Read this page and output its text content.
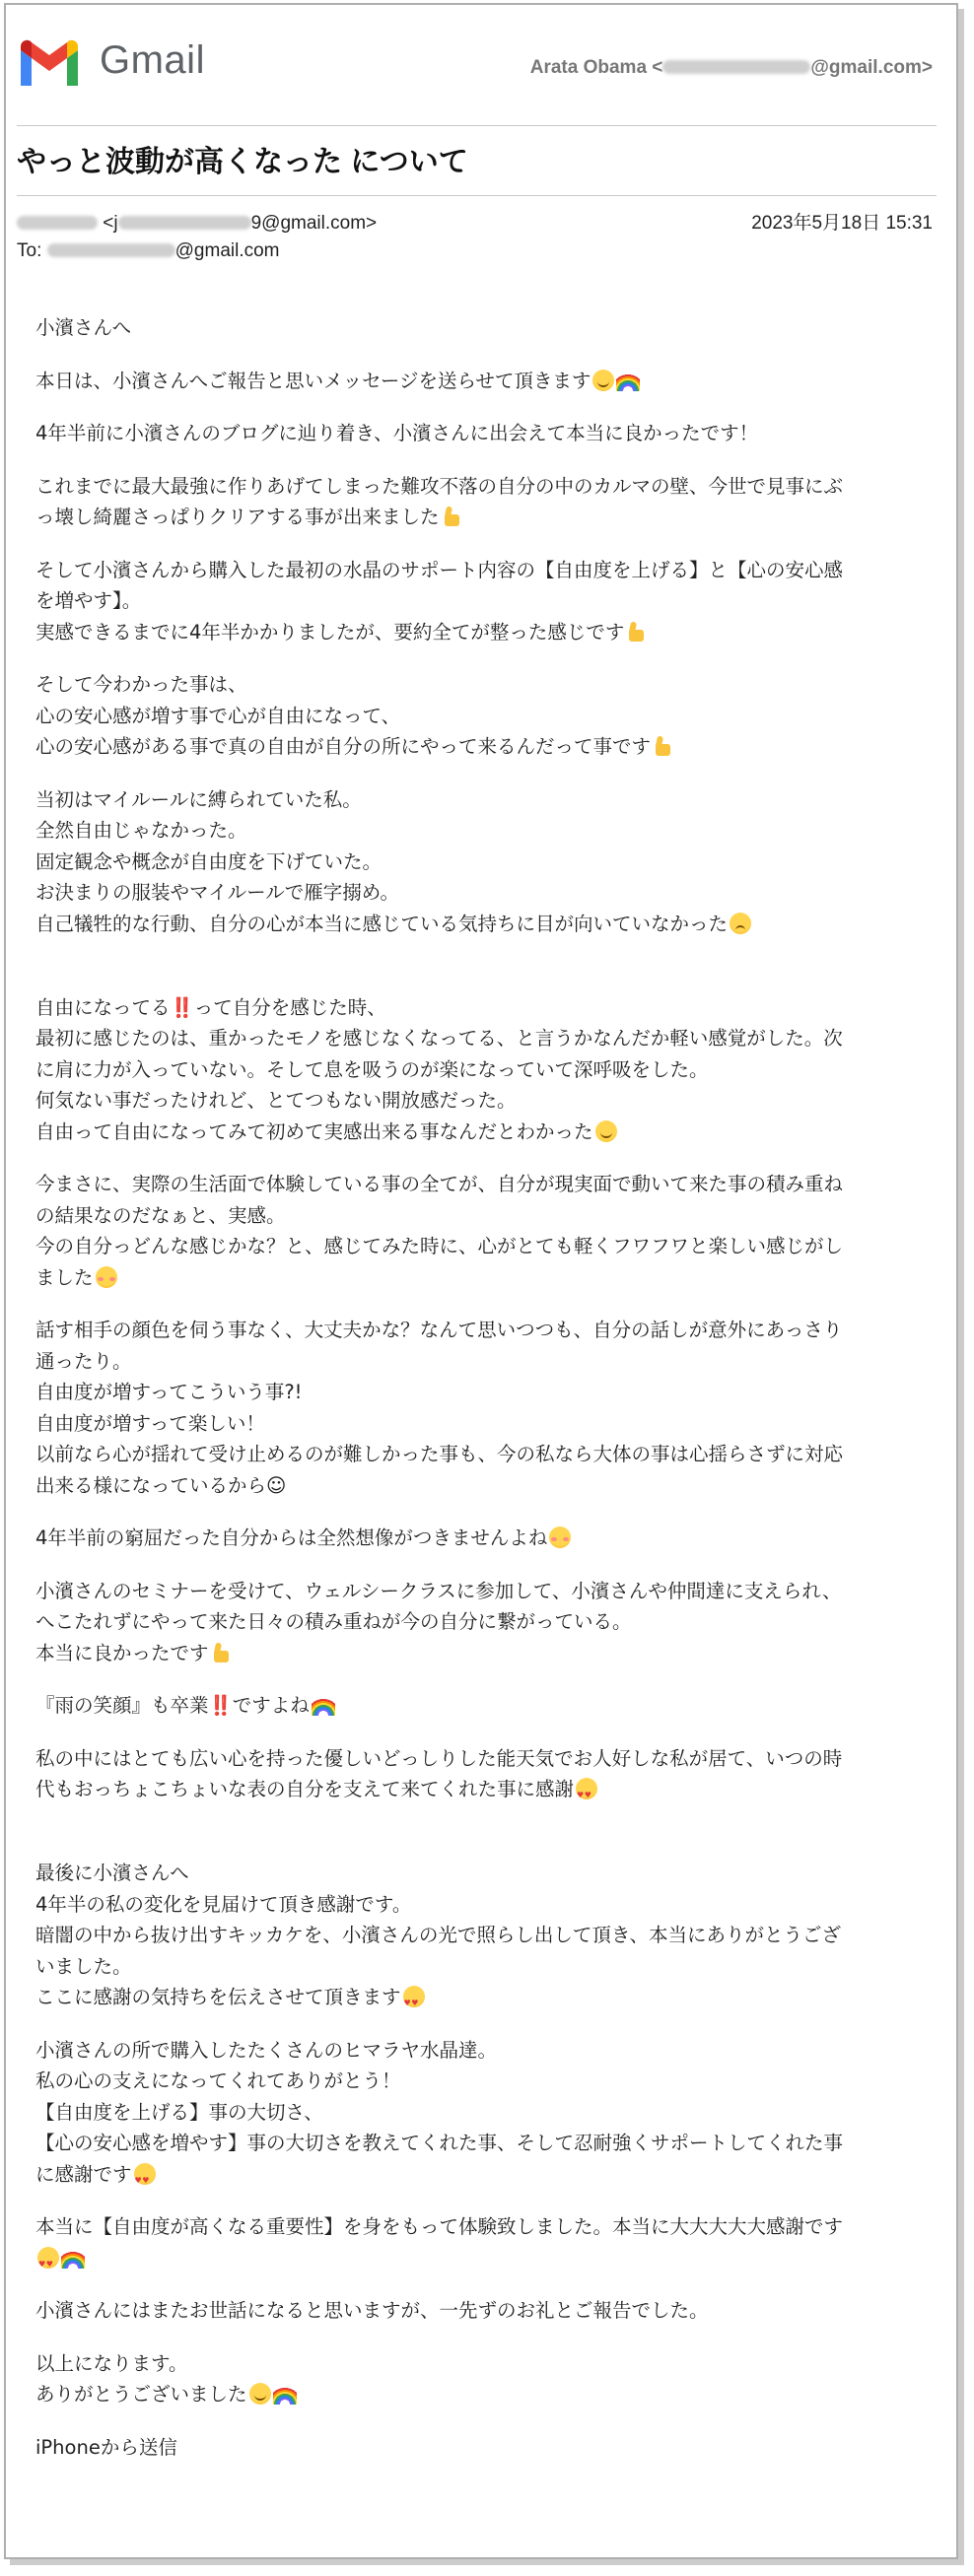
Gmail	Arata Obama <	@gmail.com>
やっと波動が高くなった について
<j	9@gmail.com>	2023年5月18日 15:31
To:	@gmail.com
小濱さんへ
本日は、小濱さんへご報告と思いメッセージを送らせて頂きます
4年半前に小濱さんのブログに辿り着き、小濱さんに出会えて本当に良かったです！
これまでに最大最強に作りあげてしまった難攻不落の自分の中のカルマの壁、今世で見事にぶ
っ壊し綺麗さっぱりクリアする事が出来ました
そして小濱さんから購入した最初の水晶のサポート内容の【自由度を上げる】と【心の安心感
を増やす】。
実感できるまでに4年半かかりましたが、要約全てが整った感じです
そして今わかった事は、
心の安心感が増す事で心が自由になって、
心の安心感がある事で真の自由が自分の所にやって来るんだって事です
当初はマイルールに縛られていた私。
全然自由じゃなかった。
固定観念や概念が自由度を下げていた。
お決まりの服装やマイルールで雁字搦め。
自己犠牲的な行動、自分の心が本当に感じている気持ちに目が向いていなかった
自由になってる‼️って自分を感じた時、
最初に感じたのは、重かったモノを感じなくなってる、と言うかなんだか軽い感覚がした。次
に肩に力が入っていない。そして息を吸うのが楽になっていて深呼吸をした。
何気ない事だったけれど、とてつもない開放感だった。
自由って自由になってみて初めて実感出来る事なんだとわかった
今まさに、実際の生活面で体験している事の全てが、自分が現実面で動いて来た事の積み重ね
の結果なのだなぁと、実感。
今の自分っどんな感じかな？と、感じてみた時に、心がとても軽くフワフワと楽しい感じがし
ました
話す相手の顔色を伺う事なく、大丈夫かな？なんて思いつつも、自分の話しが意外にあっさり
通ったり。
自由度が増すってこういう事?!
自由度が増すって楽しい！
以前なら心が揺れて受け止めるのが難しかった事も、今の私なら大体の事は心揺らさずに対応
出来る様になっているから☺︎
4年半前の窮屈だった自分からは全然想像がつきませんよね
小濱さんのセミナーを受けて、ウェルシークラスに参加して、小濱さんや仲間達に支えられ、
へこたれずにやって来た日々の積み重ねが今の自分に繋がっている。
本当に良かったです
『雨の笑顔』も卒業‼️ですよね
私の中にはとても広い心を持った優しいどっしりした能天気でお人好しな私が居て、いつの時
代もおっちょこちょいな表の自分を支えて来てくれた事に感謝♥ ♥
最後に小濱さんへ
4年半の私の変化を見届けて頂き感謝です。
暗闇の中から抜け出すキッカケを、小濱さんの光で照らし出して頂き、本当にありがとうござ
いました。
ここに感謝の気持ちを伝えさせて頂きます♥ ♥
小濱さんの所で購入したたくさんのヒマラヤ水晶達。
私の心の支えになってくれてありがとう！
【自由度を上げる】事の大切さ、
【心の安心感を増やす】事の大切さを教えてくれた事、そして忍耐強くサポートしてくれた事
に感謝です♥ ♥
本当に【自由度が高くなる重要性】を身をもって体験致しました。本当に大大大大大感謝です
♥ ♥
小濱さんにはまたお世話になると思いますが、一先ずのお礼とご報告でした。
以上になります。
ありがとうございました
iPhoneから送信
